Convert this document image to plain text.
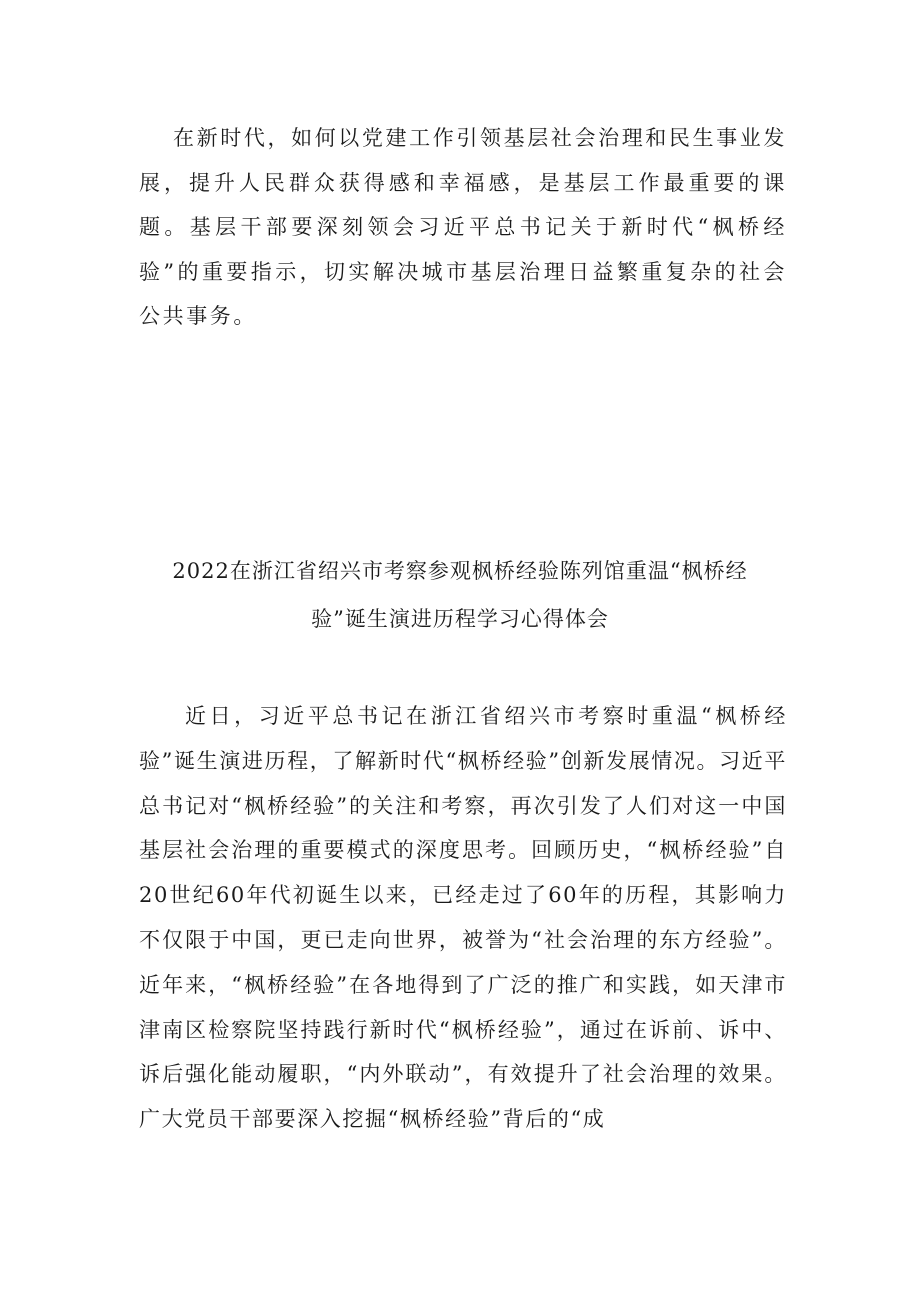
在新时代，如何以党建工作引领基层社会治理和民生事业发展，提升人民群众获得感和幸福感，是基层工作最重要的课题。基层干部要深刻领会习近平总书记关于新时代“枫桥经验”的重要指示，切实解决城市基层治理日益繁重复杂的社会公共事务。

2022在浙江省绍兴市考察参观枫桥经验陈列馆重温“枫桥经
验”诞生演进历程学习心得体会

近日，习近平总书记在浙江省绍兴市考察时重温“枫桥经验”诞生演进历程，了解新时代“枫桥经验”创新发展情况。习近平总书记对“枫桥经验”的关注和考察，再次引发了人们对这一中国基层社会治理的重要模式的深度思考。回顾历史，“枫桥经验”自20世纪60年代初诞生以来，已经走过了60年的历程，其影响力不仅限于中国，更已走向世界，被誉为“社会治理的东方经验”。近年来，“枫桥经验”在各地得到了广泛的推广和实践，如天津市津南区检察院坚持践行新时代“枫桥经验”，通过在诉前、诉中、诉后强化能动履职，“内外联动”，有效提升了社会治理的效果。广大党员干部要深入挖掘“枫桥经验”背后的“成
